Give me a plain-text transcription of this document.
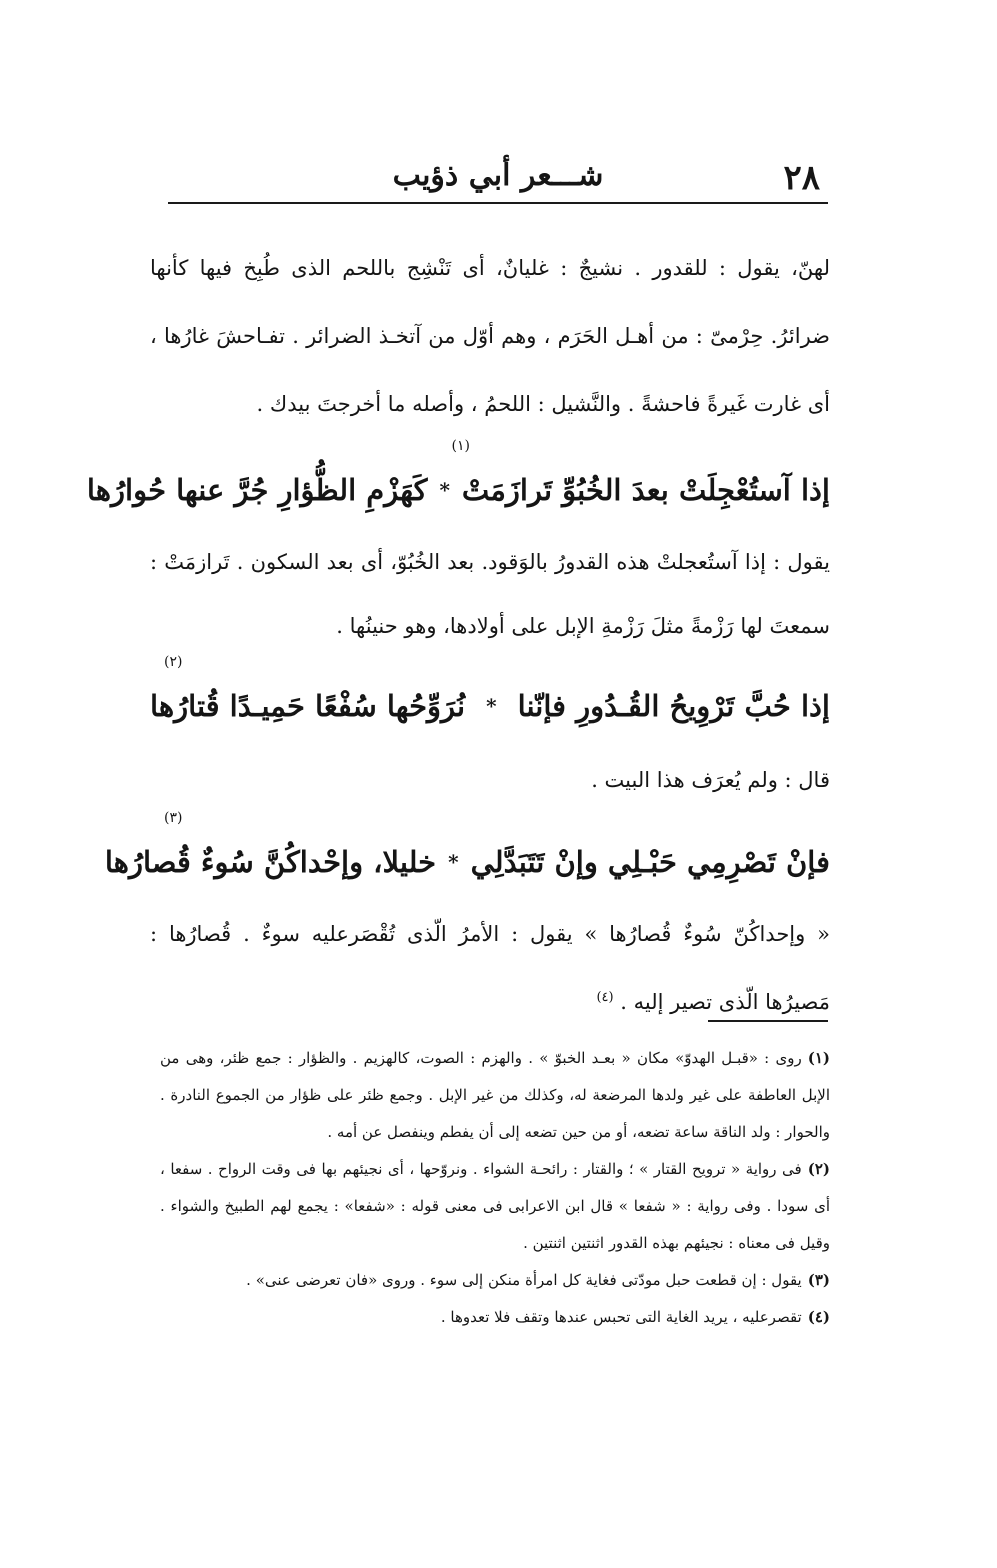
٢٨
شـــعر أبي ذؤيب

لهنّ، يقول : للقدور . نشيجٌ : غليانٌ، أى تَنْشِج باللحم الذى طُبِخ فيها كأنها ضرائرُ. حِرْمىّ : من أهـل الحَرَم ، وهم أوّل من آتخـذ الضرائر . تفـاحشَ غارُها ، أى غارت غَيرةً فاحشةً . والنَّشيل : اللحمُ ، وأصله ما أخرجتَ بيدك .

إذا آستُعْجِلَتْ بعدَ الخُبُوِّ تَرازَمَتْ
*
كَهَزْمِ الظُّؤارِ جُرَّ عنها حُوارُها
(١)

يقول : إذا آستُعجلتْ هذه القدورُ بالوَقود. بعد الخُبُوّ، أى بعد السكون . تَرازمَتْ : سمعتَ لها رَزْمةً مثلَ رَزْمةِ الإبل على أولادها، وهو حنينُها .

إذا حُبَّ تَرْوِيحُ القُـدُورِ فإنّنا
*
نُرَوِّحُها سُفْعًا حَمِيـدًا قُتارُها
(٢)

قال : ولم يُعرَف هذا البيت .

فإنْ تَصْرِمِي حَبْـلِي وإنْ تَتَبَدَّلِي
*
خليلا، وإحْداكُنَّ سُوءٌ قُصارُها
(٣)

« وإحداكُنّ سُوءٌ قُصارُها » يقول : الأمرُ الّذى تُقْصَرعليه سوءٌ . قُصارُها : مَصيرُها الّذى تصير إليه . $^{(٤)}$

(١)روى : «قبـل الهدوّ» مكان « بعـد الخبوّ » . والهزم : الصوت، كالهزيم . والظؤار : جمع ظئر، وهى من الإبل العاطفة على غير ولدها المرضعة له، وكذلك من غير الإبل . وجمع ظئر على ظؤار من الجموع النادرة . والحوار : ولد الناقة ساعة تضعه، أو من حين تضعه إلى أن يفطم وينفصل عن أمه .

(٢)فى رواية « ترويح القتار » ؛ والقتار : رائحـة الشواء . ونروّحها ، أى نجيئهم بها فى وقت الرواح . سفعا ، أى سودا . وفى رواية : « شفعا » قال ابن الاعرابى فى معنى قوله : «شفعا» : يجمع لهم الطبيخ والشواء . وقيل فى معناه : نجيئهم بهذه القدور اثنتين اثنتين .

(٣)يقول : إن قطعت حبل مودّتى فغاية كل امرأة منكن إلى سوء . وروى «فان تعرضى عنى» .

(٤)تقصرعليه ، يريد الغاية التى تحبس عندها وتقف فلا تعدوها .
